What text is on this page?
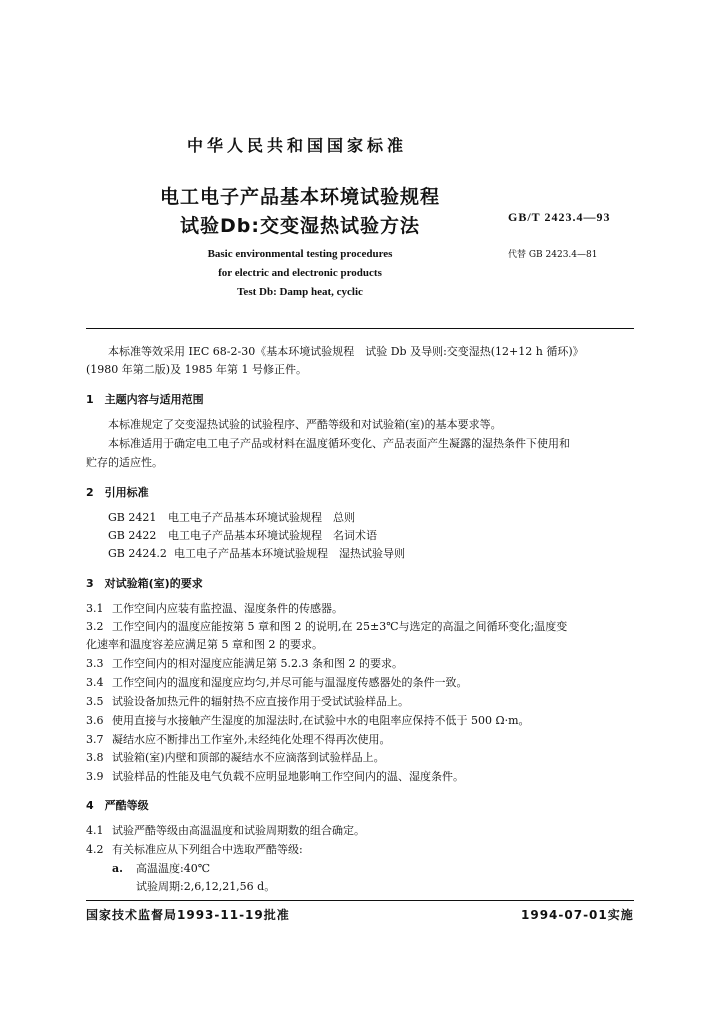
中华人民共和国国家标准
电工电子产品基本环境试验规程
试验Db:交变湿热试验方法	GB/T 2423.4—93
Basic environmental testing procedures
for electric and electronic products
Test Db: Damp heat, cyclic
代替 GB 2423.4—81
本标准等效采用 IEC 68-2-30《基本环境试验规程　试验 Db 及导则:交变湿热(12+12 h 循环)》
(1980 年第二版)及 1985 年第 1 号修正件。
1　主题内容与适用范围
本标准规定了交变湿热试验的试验程序、严酷等级和对试验箱(室)的基本要求等。
本标准适用于确定电工电子产品或材料在温度循环变化、产品表面产生凝露的湿热条件下使用和
贮存的适应性。
2　引用标准
GB 2421 电工电子产品基本环境试验规程　总则
GB 2422 电工电子产品基本环境试验规程　名词术语
GB 2424.2 电工电子产品基本环境试验规程　湿热试验导则
3　对试验箱(室)的要求
3.1 工作空间内应装有监控温、湿度条件的传感器。
3.2 工作空间内的温度应能按第 5 章和图 2 的说明,在 25±3℃与选定的高温之间循环变化;温度变
化速率和温度容差应满足第 5 章和图 2 的要求。
3.3 工作空间内的相对湿度应能满足第 5.2.3 条和图 2 的要求。
3.4 工作空间内的温度和湿度应均匀,并尽可能与温湿度传感器处的条件一致。
3.5 试验设备加热元件的辐射热不应直接作用于受试试验样品上。
3.6 使用直接与水接触产生湿度的加湿法时,在试验中水的电阻率应保持不低于 500 Ω·m。
3.7 凝结水应不断排出工作室外,未经纯化处理不得再次使用。
3.8 试验箱(室)内壁和顶部的凝结水不应滴落到试验样品上。
3.9 试验样品的性能及电气负载不应明显地影响工作空间内的温、湿度条件。
4　严酷等级
4.1 试验严酷等级由高温温度和试验周期数的组合确定。
4.2 有关标准应从下列组合中选取严酷等级:
a. 高温温度:40℃
试验周期:2,6,12,21,56 d。
国家技术监督局1993-11-19批准	1994-07-01实施
